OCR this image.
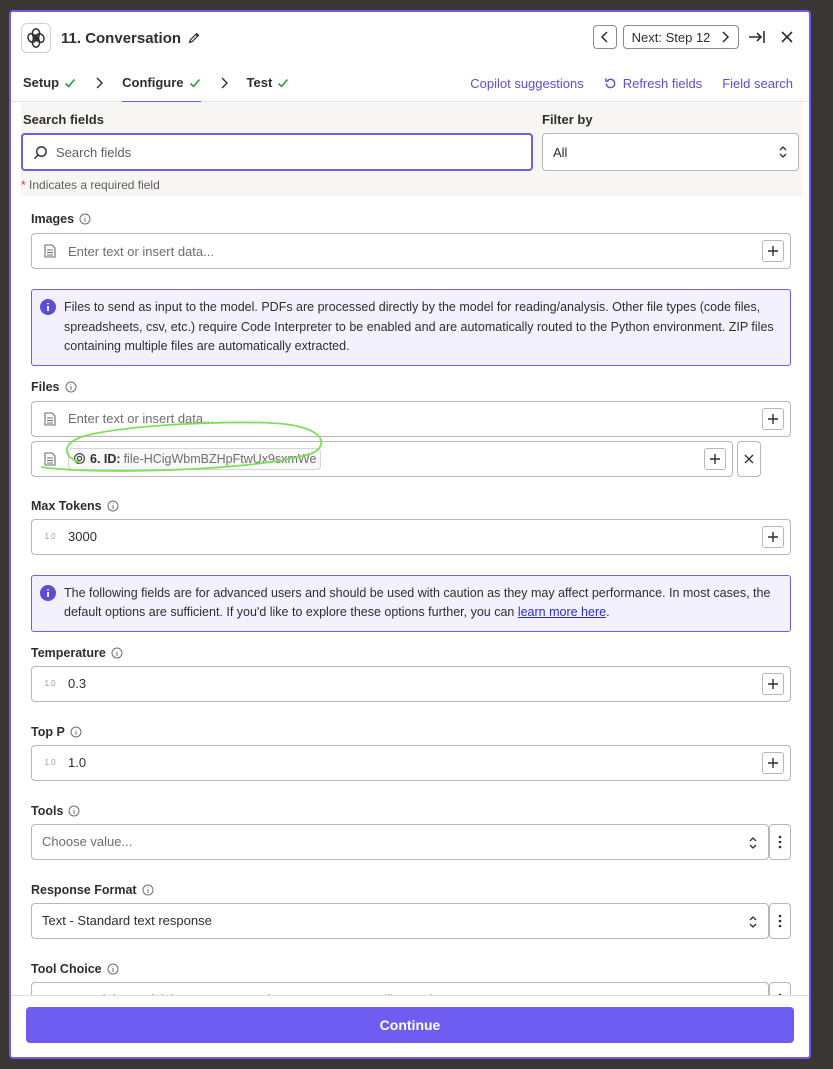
11. Conversation	Next: Step 12
Setup	Configure	Test	Copilot suggestions	Refresh fields Field search
Search fields	Filter by
Search fields	All
* Indicates a required field
Images
Enter text or insert data...
Files to send as input to the model. PDFs are processed directly by the model for reading/analysis. Other file types (code files, spreadsheets, csv, etc.) require Code Interpreter to be enabled and are automatically routed to the Python environment. ZIP files containing multiple files are automatically extracted.
Files
Enter text or insert data...
6. ID: file-HCigWbmBZHpFtwUx9sxmWe
Max Tokens
1.0 3000
The following fields are for advanced users and should be used with caution as they may affect performance. In most cases, the default options are sufficient. If you'd like to explore these options further, you can learn more here.
Temperature
1.0 0.3
Top P
1.0 1.0
Tools
Choose value...
Response Format
Text - Standard text response
Tool Choice
Continue
